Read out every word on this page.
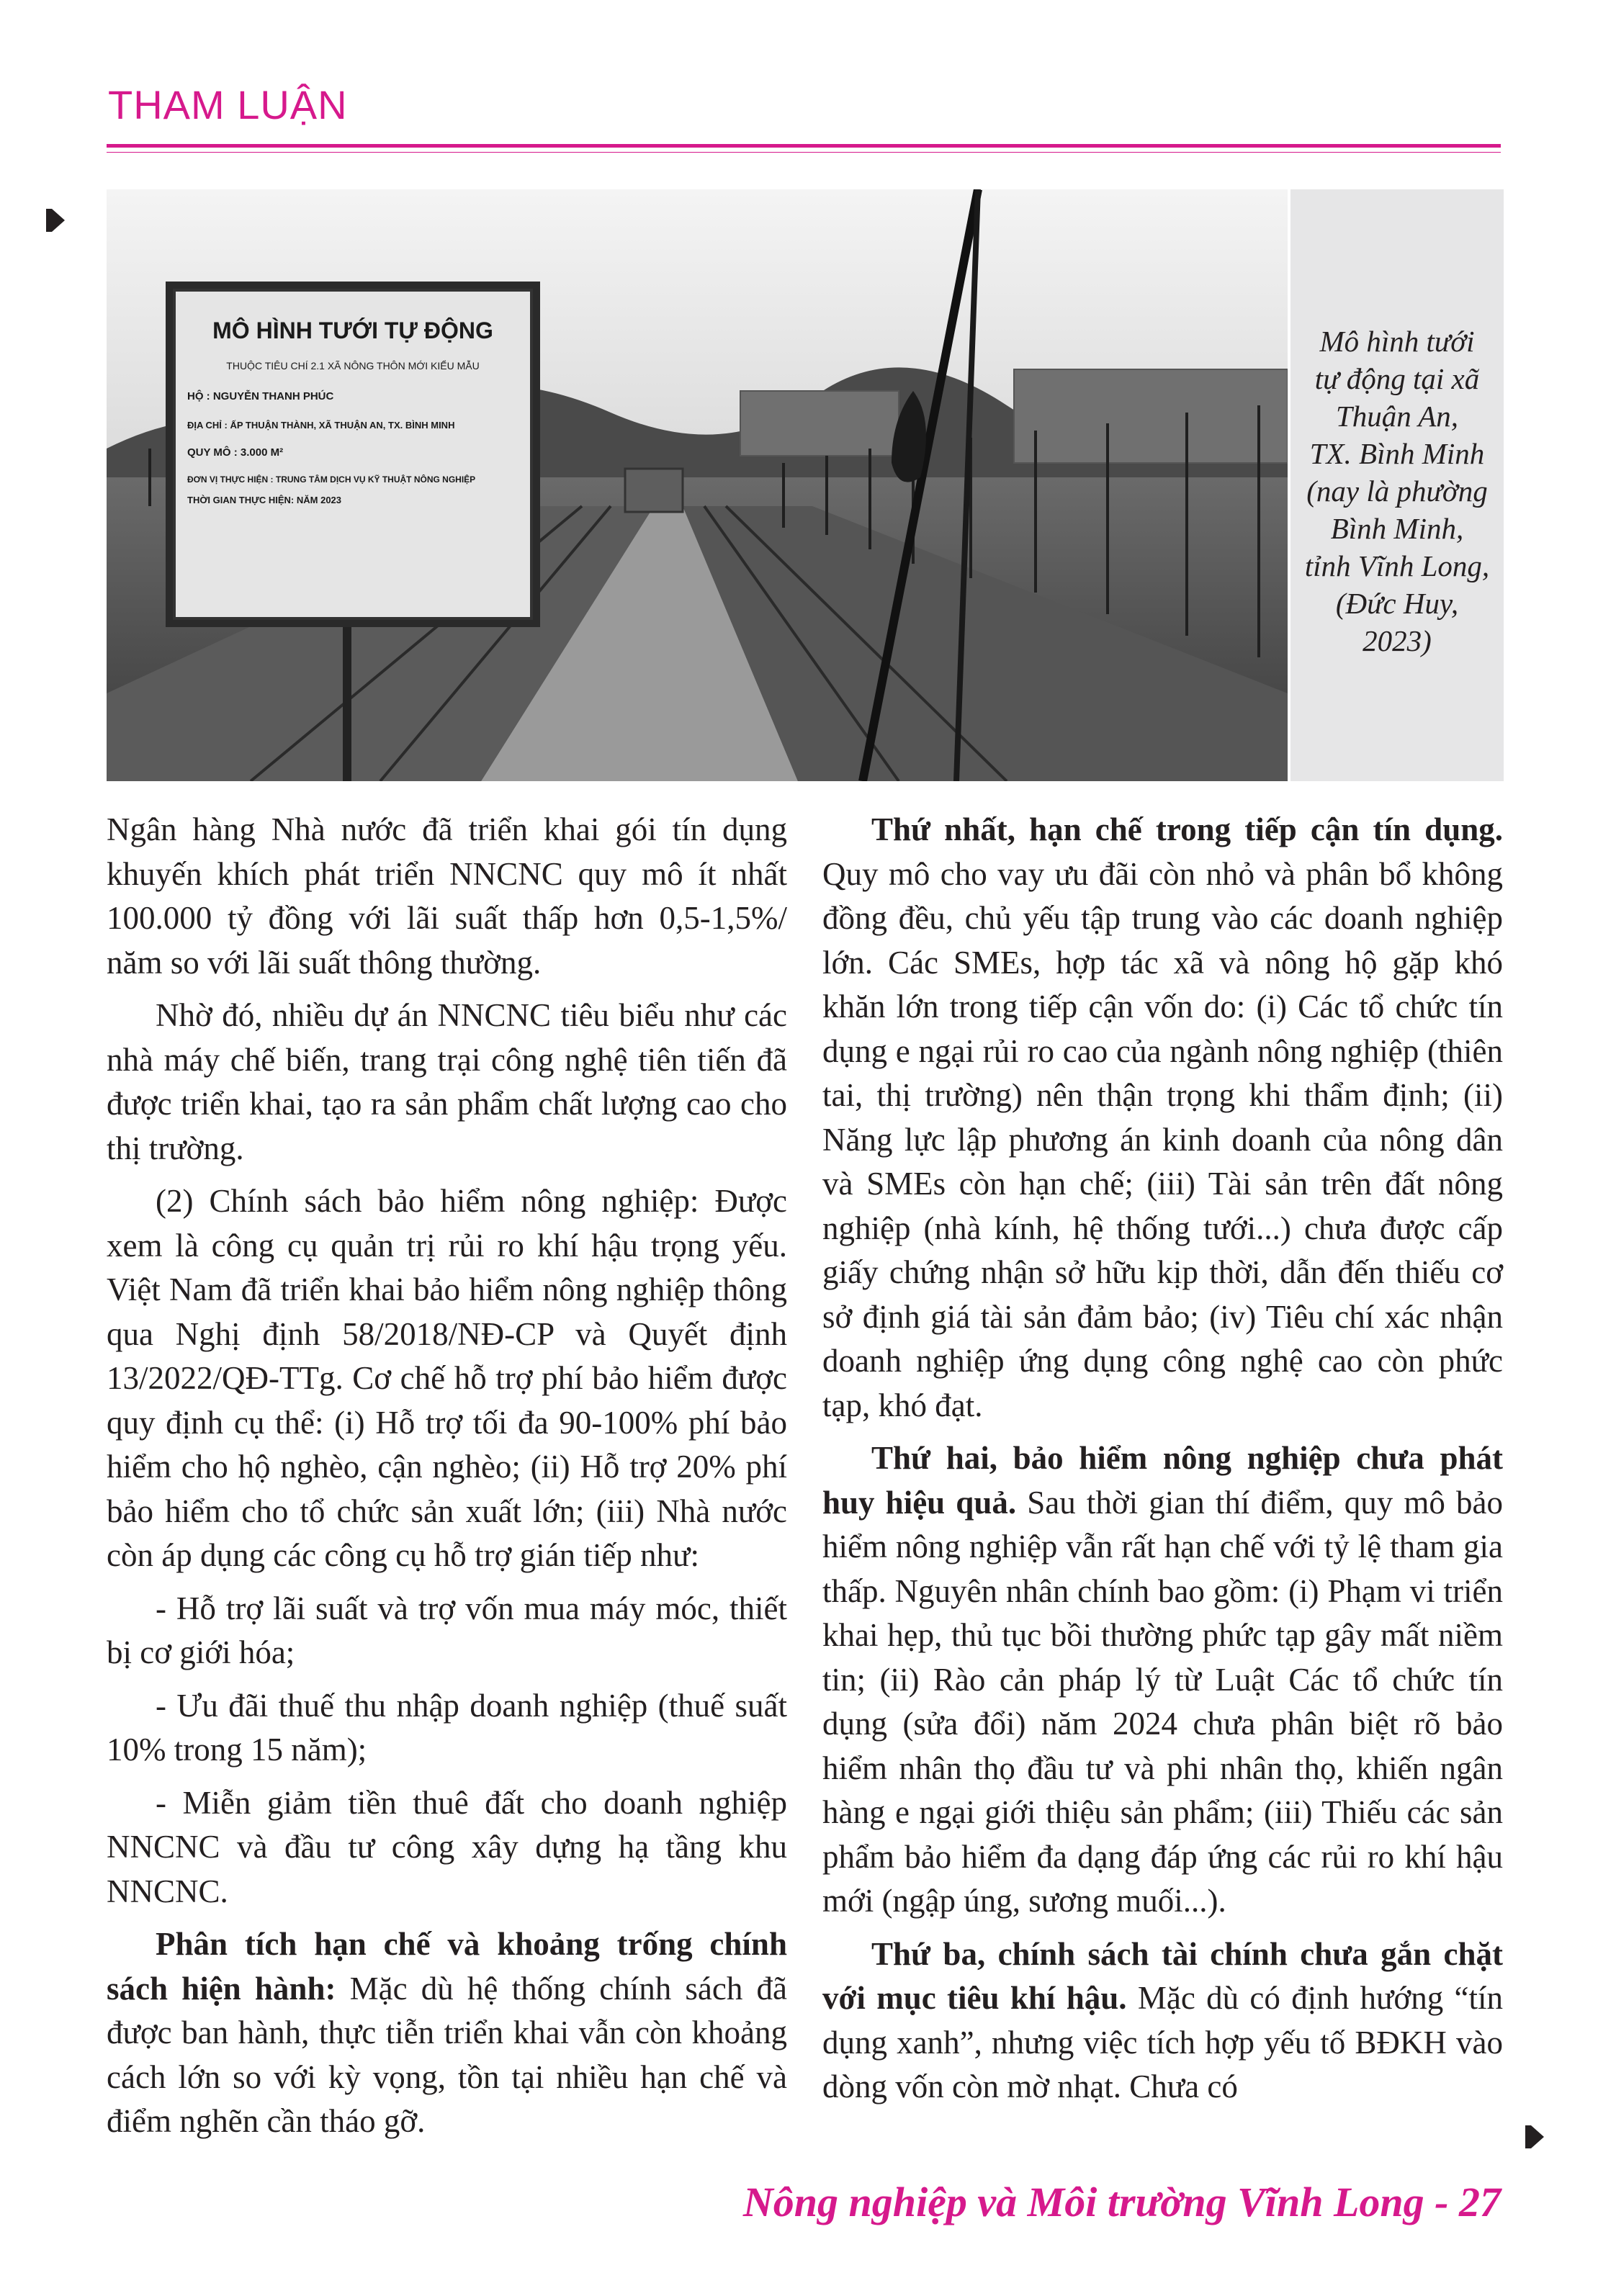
THAM LUẬN
MÔ HÌNH TƯỚI TỰ ĐỘNG
THUỘC TIÊU CHÍ 2.1 XÃ NÔNG THÔN MỚI KIỂU MẪU
HỘ : NGUYỄN THANH PHÚC
ĐỊA CHỈ : ẤP THUẬN THÀNH, XÃ THUẬN AN, TX. BÌNH MINH
QUY MÔ : 3.000 M²
ĐƠN VỊ THỰC HIỆN : TRUNG TÂM DỊCH VỤ KỸ THUẬT NÔNG NGHIỆP
THỜI GIAN THỰC HIỆN: NĂM 2023
Mô hình tưới
tự động tại xã
Thuận An,
TX. Bình Minh
(nay là phường
Bình Minh,
tỉnh Vĩnh Long,
(Đức Huy,
2023)

Ngân hàng Nhà nước đã triển khai gói tín dụng khuyến khích phát triển NNCNC quy mô ít nhất 100.000 tỷ đồng với lãi suất thấp hơn 0,5-1,5%/ năm so với lãi suất thông thường.

Nhờ đó, nhiều dự án NNCNC tiêu biểu như các nhà máy chế biến, trang trại công nghệ tiên tiến đã được triển khai, tạo ra sản phẩm chất lượng cao cho thị trường.

(2) Chính sách bảo hiểm nông nghiệp: Được xem là công cụ quản trị rủi ro khí hậu trọng yếu. Việt Nam đã triển khai bảo hiểm nông nghiệp thông qua Nghị định 58/2018/NĐ-CP và Quyết định 13/2022/QĐ-TTg. Cơ chế hỗ trợ phí bảo hiểm được quy định cụ thể: (i) Hỗ trợ tối đa 90-100% phí bảo hiểm cho hộ nghèo, cận nghèo; (ii) Hỗ trợ 20% phí bảo hiểm cho tổ chức sản xuất lớn; (iii) Nhà nước còn áp dụng các công cụ hỗ trợ gián tiếp như:

- Hỗ trợ lãi suất và trợ vốn mua máy móc, thiết bị cơ giới hóa;

- Ưu đãi thuế thu nhập doanh nghiệp (thuế suất 10% trong 15 năm);

- Miễn giảm tiền thuê đất cho doanh nghiệp NNCNC và đầu tư công xây dựng hạ tầng khu NNCNC.

Phân tích hạn chế và khoảng trống chính sách hiện hành: Mặc dù hệ thống chính sách đã được ban hành, thực tiễn triển khai vẫn còn khoảng cách lớn so với kỳ vọng, tồn tại nhiều hạn chế và điểm nghẽn cần tháo gỡ.

Thứ nhất, hạn chế trong tiếp cận tín dụng. Quy mô cho vay ưu đãi còn nhỏ và phân bổ không đồng đều, chủ yếu tập trung vào các doanh nghiệp lớn. Các SMEs, hợp tác xã và nông hộ gặp khó khăn lớn trong tiếp cận vốn do: (i) Các tổ chức tín dụng e ngại rủi ro cao của ngành nông nghiệp (thiên tai, thị trường) nên thận trọng khi thẩm định; (ii) Năng lực lập phương án kinh doanh của nông dân và SMEs còn hạn chế; (iii) Tài sản trên đất nông nghiệp (nhà kính, hệ thống tưới...) chưa được cấp giấy chứng nhận sở hữu kịp thời, dẫn đến thiếu cơ sở định giá tài sản đảm bảo; (iv) Tiêu chí xác nhận doanh nghiệp ứng dụng công nghệ cao còn phức tạp, khó đạt.

Thứ hai, bảo hiểm nông nghiệp chưa phát huy hiệu quả. Sau thời gian thí điểm, quy mô bảo hiểm nông nghiệp vẫn rất hạn chế với tỷ lệ tham gia thấp. Nguyên nhân chính bao gồm: (i) Phạm vi triển khai hẹp, thủ tục bồi thường phức tạp gây mất niềm tin; (ii) Rào cản pháp lý từ Luật Các tổ chức tín dụng (sửa đổi) năm 2024 chưa phân biệt rõ bảo hiểm nhân thọ đầu tư và phi nhân thọ, khiến ngân hàng e ngại giới thiệu sản phẩm; (iii) Thiếu các sản phẩm bảo hiểm đa dạng đáp ứng các rủi ro khí hậu mới (ngập úng, sương muối...).

Thứ ba, chính sách tài chính chưa gắn chặt với mục tiêu khí hậu. Mặc dù có định hướng “tín dụng xanh”, nhưng việc tích hợp yếu tố BĐKH vào dòng vốn còn mờ nhạt. Chưa có

Nông nghiệp và Môi trường Vĩnh Long - 27
